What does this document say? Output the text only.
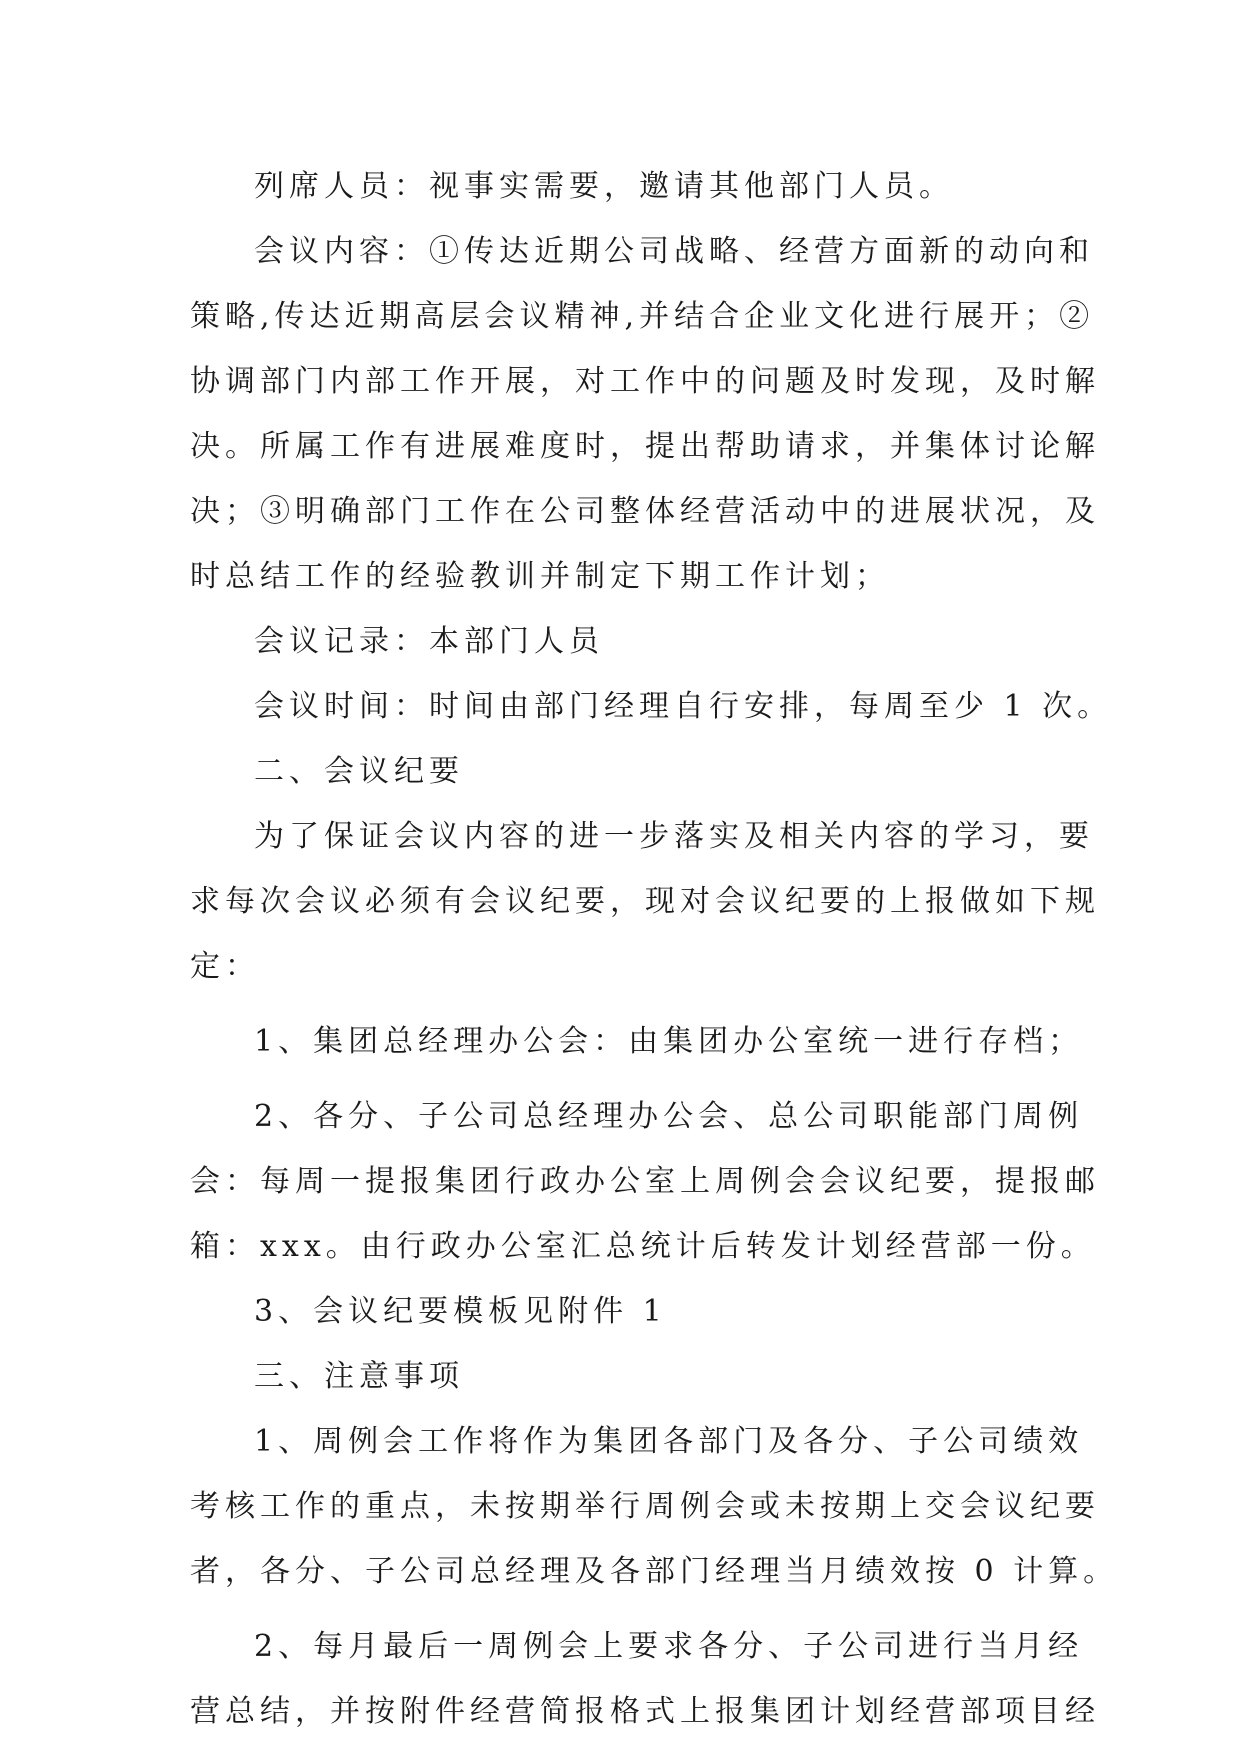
列席人员：视事实需要，邀请其他部门人员。
会议内容：①传达近期公司战略、经营方面新的动向和
策略,传达近期高层会议精神,并结合企业文化进行展开；②
协调部门内部工作开展，对工作中的问题及时发现，及时解
决。所属工作有进展难度时，提出帮助请求，并集体讨论解
决；③明确部门工作在公司整体经营活动中的进展状况，及
时总结工作的经验教训并制定下期工作计划；
会议记录：本部门人员
会议时间：时间由部门经理自行安排，每周至少 1 次。
二、会议纪要
为了保证会议内容的进一步落实及相关内容的学习，要
求每次会议必须有会议纪要，现对会议纪要的上报做如下规
定：
1、集团总经理办公会：由集团办公室统一进行存档；
2、各分、子公司总经理办公会、总公司职能部门周例
会：每周一提报集团行政办公室上周例会会议纪要，提报邮
箱：xxx。由行政办公室汇总统计后转发计划经营部一份。
3、会议纪要模板见附件 1
三、注意事项
1、周例会工作将作为集团各部门及各分、子公司绩效
考核工作的重点，未按期举行周例会或未按期上交会议纪要
者，各分、子公司总经理及各部门经理当月绩效按 0 计算。
2、每月最后一周例会上要求各分、子公司进行当月经
营总结，并按附件经营简报格式上报集团计划经营部项目经
